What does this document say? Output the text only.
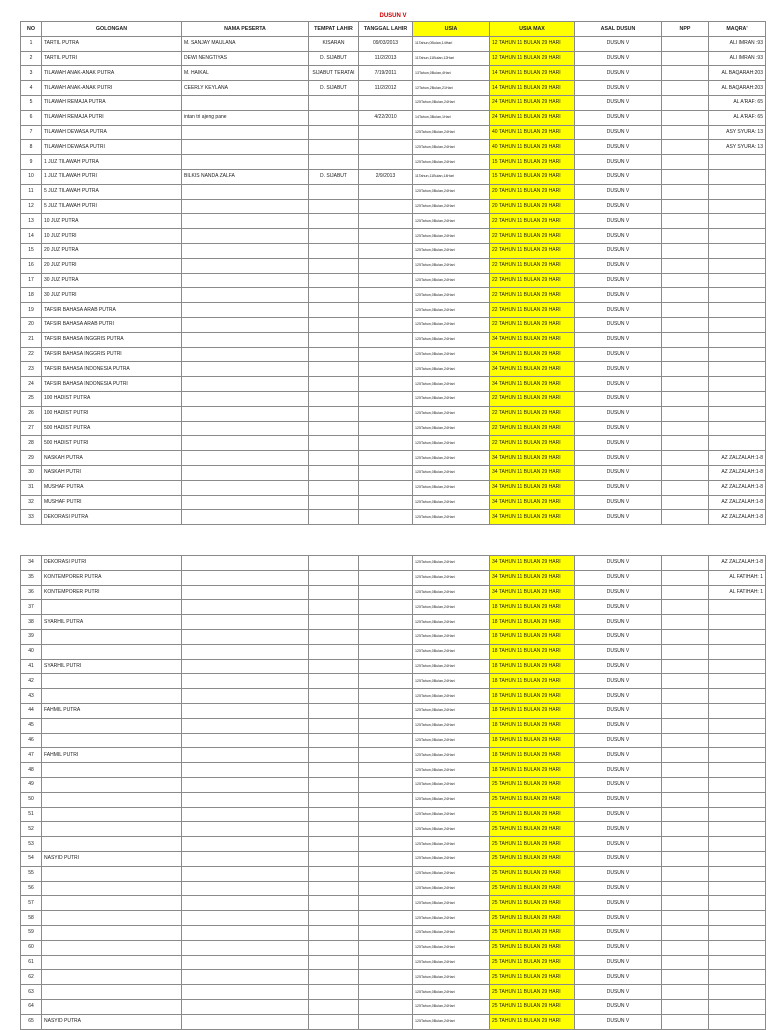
DUSUN V
NO	GOLONGAN	NAMA PESERTA	TEMPAT LAHIR	TANGGAL LAHIR	USIA	USIA MAX	ASAL DUSUN	NPP	MAQRA'
1	TARTIL PUTRA	M. SANJAY MAULANA	KISARAN	09/03/2013	11Tahun,0Bulan,14Hari	12 TAHUN 11 BULAN 29 HARI	DUSUN V		ALI IMRAN :93
2	TARTIL PUTRI	DEWI NENGTIYAS	D. SIJABUT	11/2/2013	11Tahun,11Bulan,12Hari	12 TAHUN 11 BULAN 29 HARI	DUSUN V		ALI IMRAN :93
3	TILAWAH ANAK-ANAK PUTRA	M. HAIKAL	SIJABUT TERATAI	7/19/2011	13Tahun,0Bulan,4Hari	14 TAHUN 11 BULAN 29 HARI	DUSUN V		AL BAQARAH:203
4	TILAWAH ANAK-ANAK PUTRI	CEERLY KEYLANA	D. SIJABUT	11/2/2012	12Tahun,2Bulan,21Hari	14 TAHUN 11 BULAN 29 HARI	DUSUN V		AL BAQARAH:203
5	TILAWAH REMAJA PUTRA				125Tahun,0Bulan,24Hari	24 TAHUN 11 BULAN 29 HARI	DUSUN V		AL A'RAF: 65
6	TILAWAH REMAJA PUTRI	intan tri ajeng pane		4/22/2010	14Tahun,3Bulan,1Hari	24 TAHUN 11 BULAN 29 HARI	DUSUN V		AL A'RAF: 65
7	TILAWAH DEWASA PUTRA				125Tahun,0Bulan,24Hari	40 TAHUN 11 BULAN 29 HARI	DUSUN V		ASY SYURA: 13
8	TILAWAH DEWASA PUTRI				125Tahun,0Bulan,24Hari	40 TAHUN 11 BULAN 29 HARI	DUSUN V		ASY SYURA: 13
9	1 JUZ TILAWAH PUTRA				125Tahun,0Bulan,24Hari	15 TAHUN 11 BULAN 29 HARI	DUSUN V		
10	1 JUZ TILAWAH PUTRI	BILKIS NANDA ZALFA	D. SIJABUT	2/9/2013	11Tahun,11Bulan,14Hari	15 TAHUN 11 BULAN 29 HARI	DUSUN V		
11	5 JUZ TILAWAH PUTRA				125Tahun,0Bulan,24Hari	20 TAHUN 11 BULAN 29 HARI	DUSUN V		
12	5 JUZ TILAWAH PUTRI				125Tahun,0Bulan,24Hari	20 TAHUN 11 BULAN 29 HARI	DUSUN V		
13	10 JUZ PUTRA				125Tahun,0Bulan,24Hari	22 TAHUN 11 BULAN 29 HARI	DUSUN V		
14	10 JUZ PUTRI				125Tahun,0Bulan,24Hari	22 TAHUN 11 BULAN 29 HARI	DUSUN V		
15	20 JUZ PUTRA				125Tahun,0Bulan,24Hari	22 TAHUN 11 BULAN 29 HARI	DUSUN V		
16	20 JUZ PUTRI				125Tahun,0Bulan,24Hari	22 TAHUN 11 BULAN 29 HARI	DUSUN V		
17	30 JUZ PUTRA				125Tahun,0Bulan,24Hari	22 TAHUN 11 BULAN 29 HARI	DUSUN V		
18	30 JUZ PUTRI				125Tahun,0Bulan,24Hari	22 TAHUN 11 BULAN 29 HARI	DUSUN V		
19	TAFSIR BAHASA ARAB PUTRA				125Tahun,0Bulan,24Hari	22 TAHUN 11 BULAN 29 HARI	DUSUN V		
20	TAFSIR BAHASA ARAB PUTRI				125Tahun,0Bulan,24Hari	22 TAHUN 11 BULAN 29 HARI	DUSUN V		
21	TAFSIR BAHASA INGGRIS PUTRA				125Tahun,0Bulan,24Hari	34 TAHUN 11 BULAN 29 HARI	DUSUN V		
22	TAFSIR BAHASA INGGRIS PUTRI				125Tahun,0Bulan,24Hari	34 TAHUN 11 BULAN 29 HARI	DUSUN V		
23	TAFSIR BAHASA INDONESIA PUTRA				125Tahun,0Bulan,24Hari	34 TAHUN 11 BULAN 29 HARI	DUSUN V		
24	TAFSIR BAHASA INDONESIA PUTRI				125Tahun,0Bulan,24Hari	34 TAHUN 11 BULAN 29 HARI	DUSUN V		
25	100 HADIST PUTRA				125Tahun,0Bulan,24Hari	22 TAHUN 11 BULAN 29 HARI	DUSUN V		
26	100 HADIST PUTRI				125Tahun,0Bulan,24Hari	22 TAHUN 11 BULAN 29 HARI	DUSUN V		
27	500 HADIST PUTRA				125Tahun,0Bulan,24Hari	22 TAHUN 11 BULAN 29 HARI	DUSUN V		
28	500 HADIST PUTRI				125Tahun,0Bulan,24Hari	22 TAHUN 11 BULAN 29 HARI	DUSUN V		
29	NASKAH PUTRA				125Tahun,0Bulan,24Hari	34 TAHUN 11 BULAN 29 HARI	DUSUN V		AZ ZALZALAH:1-8
30	NASKAH PUTRI				125Tahun,0Bulan,24Hari	34 TAHUN 11 BULAN 29 HARI	DUSUN V		AZ ZALZALAH:1-8
31	MUSHAF PUTRA				125Tahun,0Bulan,24Hari	34 TAHUN 11 BULAN 29 HARI	DUSUN V		AZ ZALZALAH:1-8
32	MUSHAF PUTRI				125Tahun,0Bulan,24Hari	34 TAHUN 11 BULAN 29 HARI	DUSUN V		AZ ZALZALAH:1-8
33	DEKORASI PUTRA				125Tahun,0Bulan,24Hari	34 TAHUN 11 BULAN 29 HARI	DUSUN V		AZ ZALZALAH:1-8
34	DEKORASI PUTRI				125Tahun,0Bulan,24Hari	34 TAHUN 11 BULAN 29 HARI	DUSUN V		AZ ZALZALAH:1-8
35	KONTEMPORER PUTRA				125Tahun,0Bulan,24Hari	34 TAHUN 11 BULAN 29 HARI	DUSUN V		AL FATIHAH: 1
36	KONTEMPORER PUTRI				125Tahun,0Bulan,24Hari	34 TAHUN 11 BULAN 29 HARI	DUSUN V		AL FATIHAH: 1
37					125Tahun,0Bulan,24Hari	18 TAHUN 11 BULAN 29 HARI	DUSUN V		
38	SYARHIL PUTRA				125Tahun,0Bulan,24Hari	18 TAHUN 11 BULAN 29 HARI	DUSUN V		
39					125Tahun,0Bulan,24Hari	18 TAHUN 11 BULAN 29 HARI	DUSUN V		
40					125Tahun,0Bulan,24Hari	18 TAHUN 11 BULAN 29 HARI	DUSUN V		
41	SYARHIL PUTRI				125Tahun,0Bulan,24Hari	18 TAHUN 11 BULAN 29 HARI	DUSUN V		
42					125Tahun,0Bulan,24Hari	18 TAHUN 11 BULAN 29 HARI	DUSUN V		
43					125Tahun,0Bulan,24Hari	18 TAHUN 11 BULAN 29 HARI	DUSUN V		
44	FAHMIL PUTRA				125Tahun,0Bulan,24Hari	18 TAHUN 11 BULAN 29 HARI	DUSUN V		
45					125Tahun,0Bulan,24Hari	18 TAHUN 11 BULAN 29 HARI	DUSUN V		
46					125Tahun,0Bulan,24Hari	18 TAHUN 11 BULAN 29 HARI	DUSUN V		
47	FAHMIL PUTRI				125Tahun,0Bulan,24Hari	18 TAHUN 11 BULAN 29 HARI	DUSUN V		
48					125Tahun,0Bulan,24Hari	18 TAHUN 11 BULAN 29 HARI	DUSUN V		
49					125Tahun,0Bulan,24Hari	25 TAHUN 11 BULAN 29 HARI	DUSUN V		
50					125Tahun,0Bulan,24Hari	25 TAHUN 11 BULAN 29 HARI	DUSUN V		
51					125Tahun,0Bulan,24Hari	25 TAHUN 11 BULAN 29 HARI	DUSUN V		
52					125Tahun,0Bulan,24Hari	25 TAHUN 11 BULAN 29 HARI	DUSUN V		
53					125Tahun,0Bulan,24Hari	25 TAHUN 11 BULAN 29 HARI	DUSUN V		
54	NASYID PUTRI				125Tahun,0Bulan,24Hari	25 TAHUN 11 BULAN 29 HARI	DUSUN V		
55					125Tahun,0Bulan,24Hari	25 TAHUN 11 BULAN 29 HARI	DUSUN V		
56					125Tahun,0Bulan,24Hari	25 TAHUN 11 BULAN 29 HARI	DUSUN V		
57					125Tahun,0Bulan,24Hari	25 TAHUN 11 BULAN 29 HARI	DUSUN V		
58					125Tahun,0Bulan,24Hari	25 TAHUN 11 BULAN 29 HARI	DUSUN V		
59					125Tahun,0Bulan,24Hari	25 TAHUN 11 BULAN 29 HARI	DUSUN V		
60					125Tahun,0Bulan,24Hari	25 TAHUN 11 BULAN 29 HARI	DUSUN V		
61					125Tahun,0Bulan,24Hari	25 TAHUN 11 BULAN 29 HARI	DUSUN V		
62					125Tahun,0Bulan,24Hari	25 TAHUN 11 BULAN 29 HARI	DUSUN V		
63					125Tahun,0Bulan,24Hari	25 TAHUN 11 BULAN 29 HARI	DUSUN V		
64					125Tahun,0Bulan,24Hari	25 TAHUN 11 BULAN 29 HARI	DUSUN V		
65	NASYID PUTRA				125Tahun,0Bulan,24Hari	25 TAHUN 11 BULAN 29 HARI	DUSUN V		
